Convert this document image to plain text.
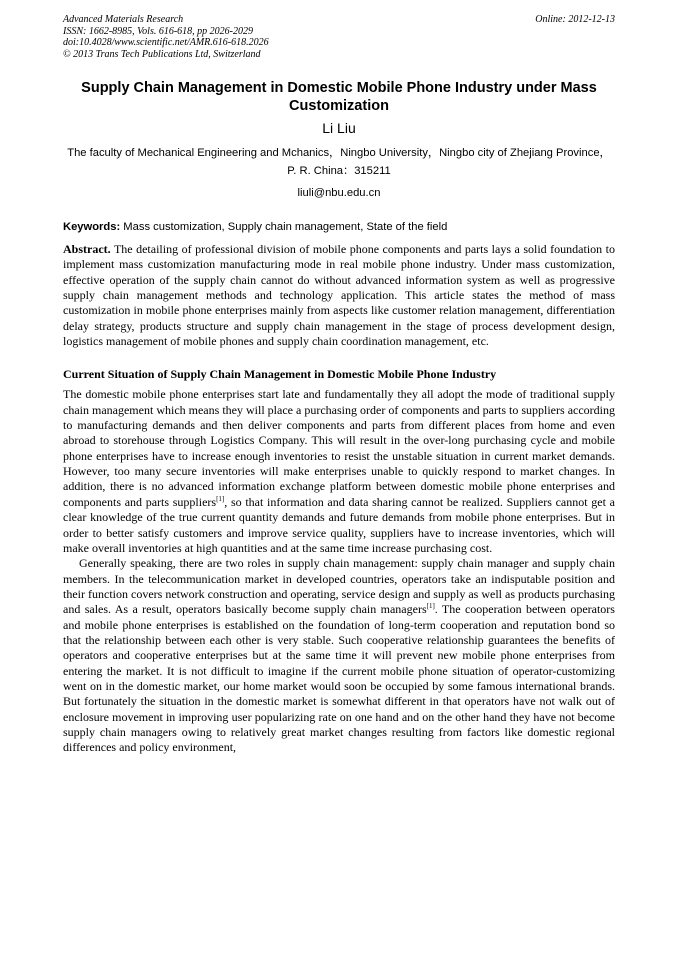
Advanced Materials Research
ISSN: 1662-8985, Vols. 616-618, pp 2026-2029
doi:10.4028/www.scientific.net/AMR.616-618.2026
© 2013 Trans Tech Publications Ltd, Switzerland
Online: 2012-12-13
Supply Chain Management in Domestic Mobile Phone Industry under Mass Customization
Li Liu
The faculty of Mechanical Engineering and Mchanics，Ningbo University，Ningbo city of Zhejiang Province，P. R. China：315211
liuli@nbu.edu.cn
Keywords: Mass customization, Supply chain management, State of the field
Abstract. The detailing of professional division of mobile phone components and parts lays a solid foundation to implement mass customization manufacturing mode in real mobile phone industry. Under mass customization, effective operation of the supply chain cannot do without advanced information system as well as progressive supply chain management methods and technology application. This article states the method of mass customization in mobile phone enterprises mainly from aspects like customer relation management, differentiation delay strategy, products structure and supply chain management in the stage of process development design, logistics management of mobile phones and supply chain coordination management, etc.
Current Situation of Supply Chain Management in Domestic Mobile Phone Industry
The domestic mobile phone enterprises start late and fundamentally they all adopt the mode of traditional supply chain management which means they will place a purchasing order of components and parts to suppliers according to manufacturing demands and then deliver components and parts from different places from home and even abroad to storehouse through Logistics Company. This will result in the over-long purchasing cycle and mobile phone enterprises have to increase enough inventories to resist the unstable situation in current market demands. However, too many secure inventories will make enterprises unable to quickly respond to market changes. In addition, there is no advanced information exchange platform between domestic mobile phone enterprises and components and parts suppliers[1], so that information and data sharing cannot be realized. Suppliers cannot get a clear knowledge of the true current quantity demands and future demands from mobile phone enterprises. But in order to better satisfy customers and improve service quality, suppliers have to increase inventories, which will make overall inventories at high quantities and at the same time increase purchasing cost.
Generally speaking, there are two roles in supply chain management: supply chain manager and supply chain members. In the telecommunication market in developed countries, operators take an indisputable position and their function covers network construction and operating, service design and supply as well as products purchasing and sales. As a result, operators basically become supply chain managers[1]. The cooperation between operators and mobile phone enterprises is established on the foundation of long-term cooperation and reputation bond so that the relationship between each other is very stable. Such cooperative relationship guarantees the benefits of operators and cooperative enterprises but at the same time it will prevent new mobile phone enterprises from entering the market. It is not difficult to imagine if the current mobile phone situation of operator-customizing went on in the domestic market, our home market would soon be occupied by some famous international brands. But fortunately the situation in the domestic market is somewhat different in that operators have not walk out of enclosure movement in improving user popularizing rate on one hand and on the other hand they have not become supply chain managers owing to relatively great market changes resulting from factors like domestic regional differences and policy environment,
